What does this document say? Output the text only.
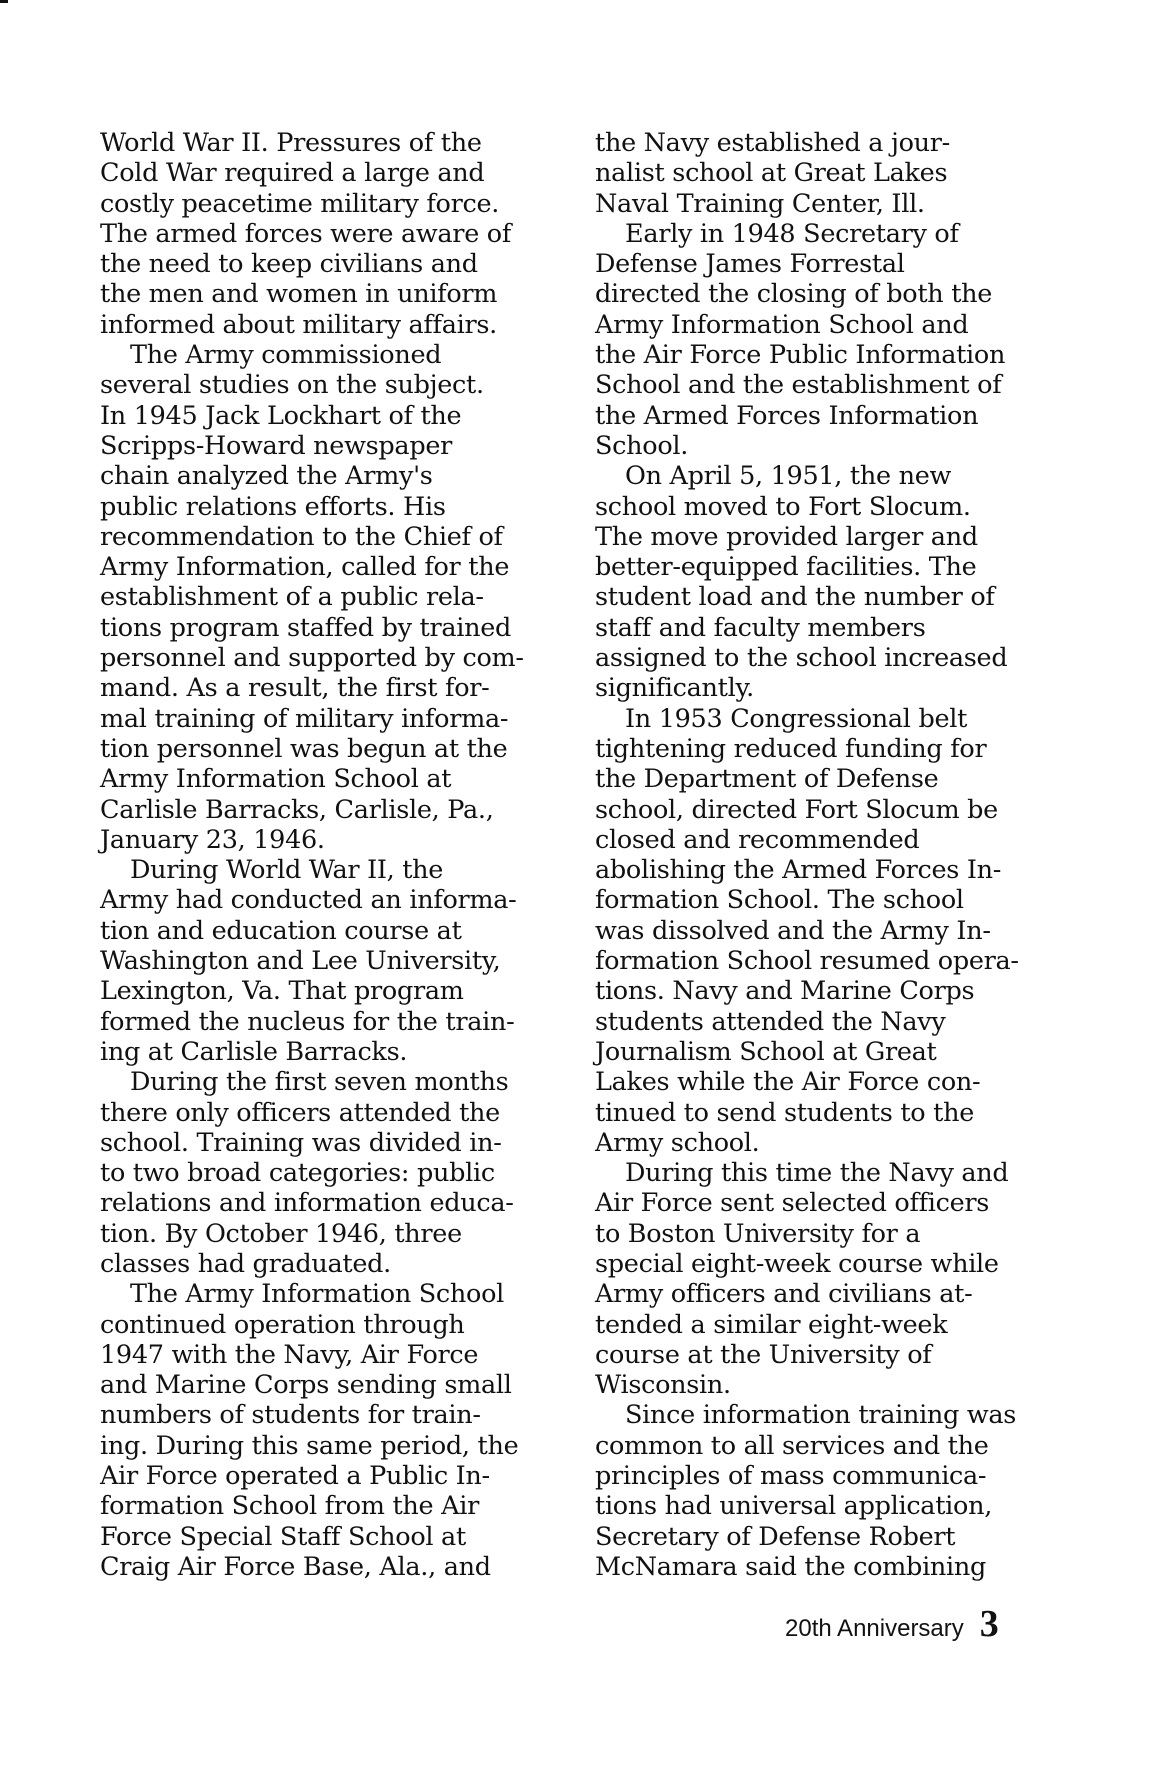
World War II. Pressures of the
Cold War required a large and
costly peacetime military force.
The armed forces were aware of
the need to keep civilians and
the men and women in uniform
informed about military affairs.
The Army commissioned
several studies on the subject.
In 1945 Jack Lockhart of the
Scripps-Howard newspaper
chain analyzed the Army's
public relations efforts. His
recommendation to the Chief of
Army Information, called for the
establishment of a public rela-
tions program staffed by trained
personnel and supported by com-
mand. As a result, the first for-
mal training of military informa-
tion personnel was begun at the
Army Information School at
Carlisle Barracks, Carlisle, Pa.,
January 23, 1946.
During World War II, the
Army had conducted an informa-
tion and education course at
Washington and Lee University,
Lexington, Va. That program
formed the nucleus for the train-
ing at Carlisle Barracks.
During the first seven months
there only officers attended the
school. Training was divided in-
to two broad categories: public
relations and information educa-
tion. By October 1946, three
classes had graduated.
The Army Information School
continued operation through
1947 with the Navy, Air Force
and Marine Corps sending small
numbers of students for train-
ing. During this same period, the
Air Force operated a Public In-
formation School from the Air
Force Special Staff School at
Craig Air Force Base, Ala., and
the Navy established a jour-
nalist school at Great Lakes
Naval Training Center, Ill.
Early in 1948 Secretary of
Defense James Forrestal
directed the closing of both the
Army Information School and
the Air Force Public Information
School and the establishment of
the Armed Forces Information
School.
On April 5, 1951, the new
school moved to Fort Slocum.
The move provided larger and
better-equipped facilities. The
student load and the number of
staff and faculty members
assigned to the school increased
significantly.
In 1953 Congressional belt
tightening reduced funding for
the Department of Defense
school, directed Fort Slocum be
closed and recommended
abolishing the Armed Forces In-
formation School. The school
was dissolved and the Army In-
formation School resumed opera-
tions. Navy and Marine Corps
students attended the Navy
Journalism School at Great
Lakes while the Air Force con-
tinued to send students to the
Army school.
During this time the Navy and
Air Force sent selected officers
to Boston University for a
special eight-week course while
Army officers and civilians at-
tended a similar eight-week
course at the University of
Wisconsin.
Since information training was
common to all services and the
principles of mass communica-
tions had universal application,
Secretary of Defense Robert
McNamara said the combining
20th Anniversary 3
